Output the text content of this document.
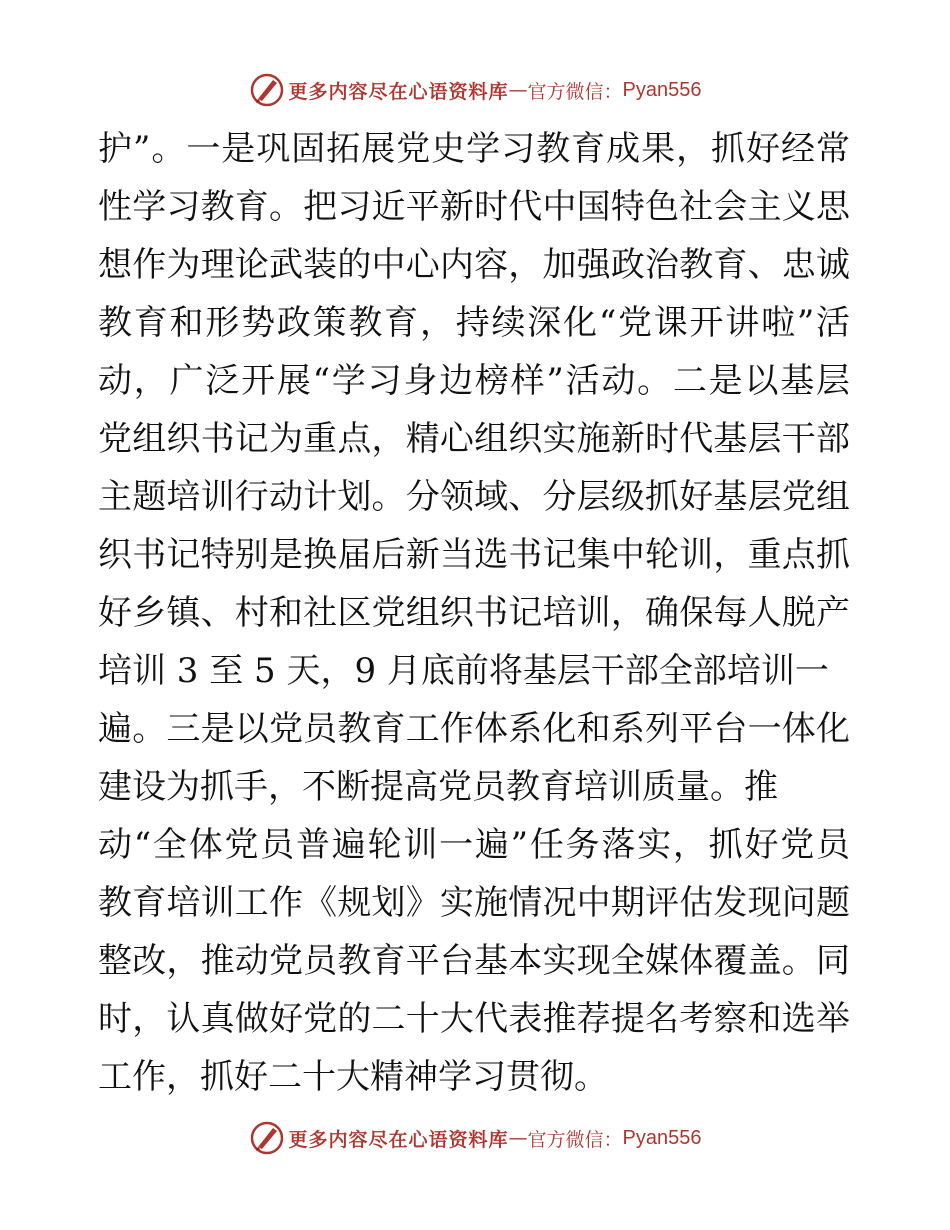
更多内容尽在心语资料库 — 官方微信： Pyan556
护”。一是巩固拓展党史学习教育成果，抓好经常
性学习教育。把习近平新时代中国特色社会主义思
想作为理论武装的中心内容，加强政治教育、忠诚
教育和形势政策教育，持续深化“党课开讲啦”活
动，广泛开展“学习身边榜样”活动。二是以基层
党组织书记为重点，精心组织实施新时代基层干部
主题培训行动计划。分领域、分层级抓好基层党组
织书记特别是换届后新当选书记集中轮训，重点抓
好乡镇、村和社区党组织书记培训，确保每人脱产
培训 3 至 5 天，9 月底前将基层干部全部培训一
遍。三是以党员教育工作体系化和系列平台一体化
建设为抓手，不断提高党员教育培训质量。推
动“全体党员普遍轮训一遍”任务落实，抓好党员
教育培训工作《规划》实施情况中期评估发现问题
整改，推动党员教育平台基本实现全媒体覆盖。同
时，认真做好党的二十大代表推荐提名考察和选举
工作，抓好二十大精神学习贯彻。
更多内容尽在心语资料库 — 官方微信： Pyan556
